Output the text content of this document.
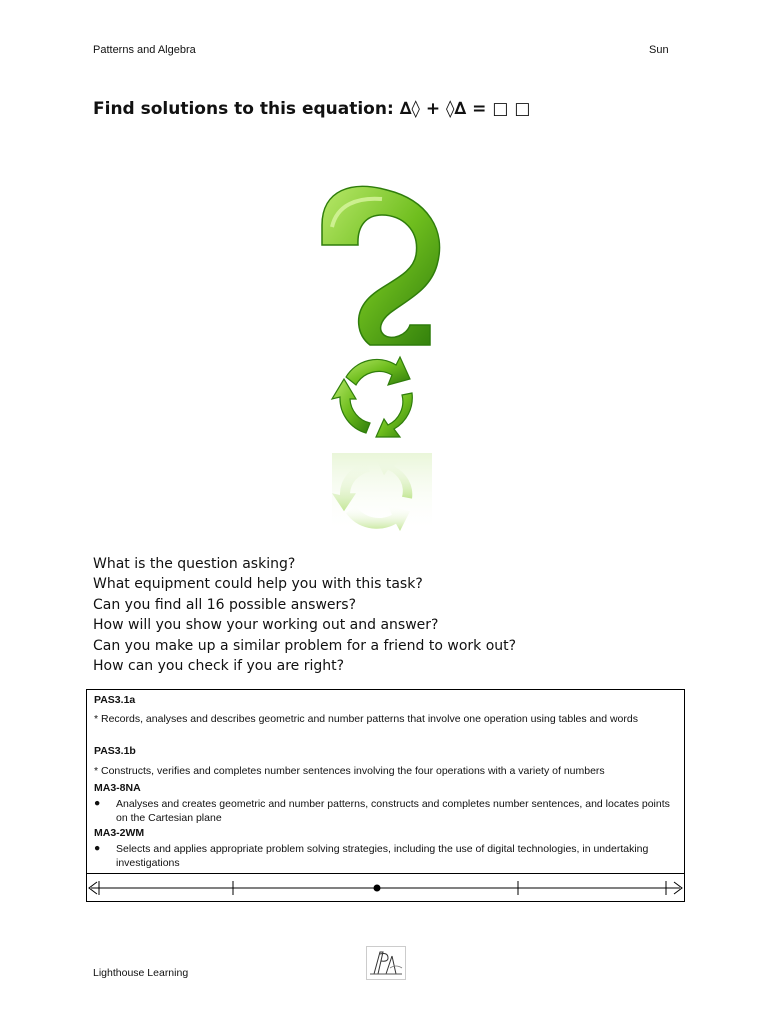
Patterns and Algebra	Sun
Find solutions to this equation: ∆◊ + ◊∆ = □ □
What is the question asking?
What equipment could help you with this task?
Can you find all 16 possible answers?
How will you show your working out and answer?
Can you make up a similar problem for a friend to work out?
How can you check if you are right?
PAS3.1a
* Records, analyses and describes geometric and number patterns that involve one operation using tables and words
PAS3.1b
* Constructs, verifies and completes number sentences involving the four operations with a variety of numbers
MA3-8NA
● Analyses and creates geometric and number patterns, constructs and completes number sentences, and locates points on the Cartesian plane
MA3-2WM
● Selects and applies appropriate problem solving strategies, including the use of digital technologies, in undertaking investigations
Lighthouse Learning
